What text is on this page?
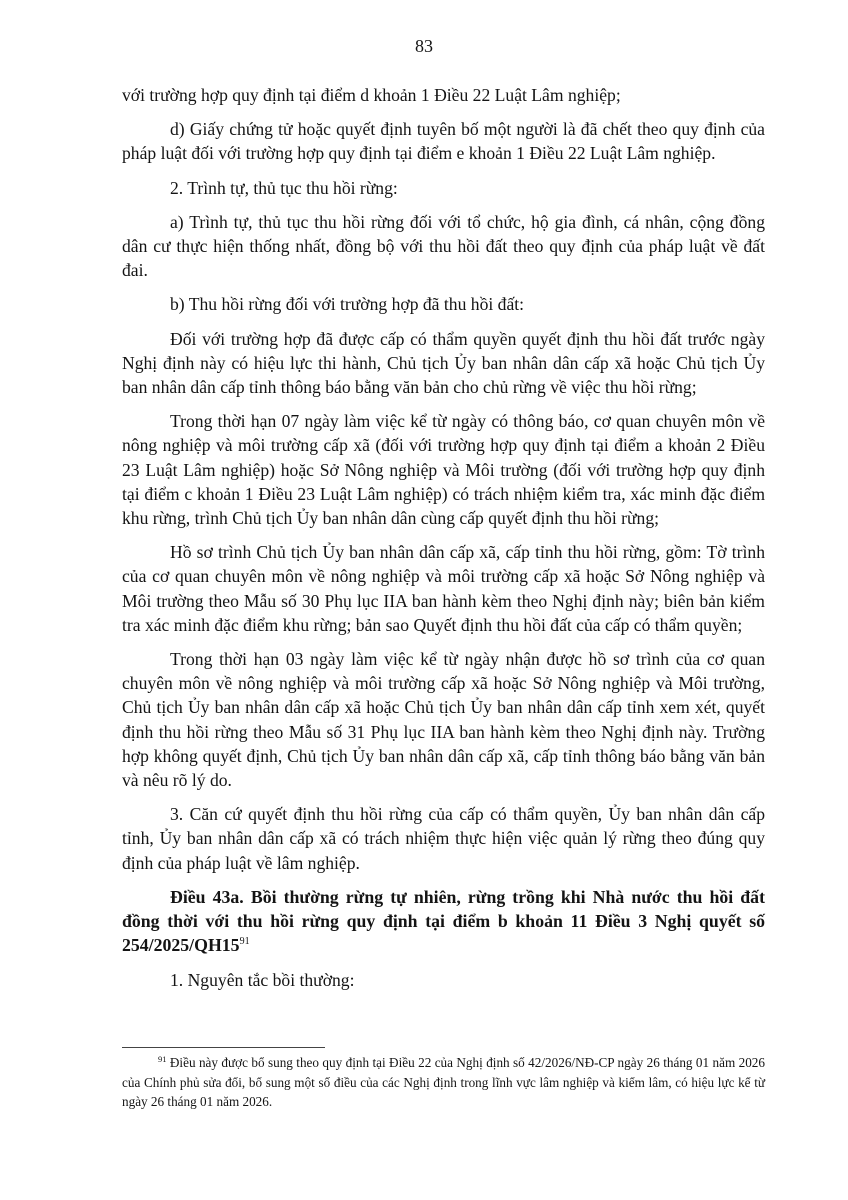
83

với trường hợp quy định tại điểm d khoản 1 Điều 22 Luật Lâm nghiệp;

d) Giấy chứng tử hoặc quyết định tuyên bố một người là đã chết theo quy định của pháp luật đối với trường hợp quy định tại điểm e khoản 1 Điều 22 Luật Lâm nghiệp.

2. Trình tự, thủ tục thu hồi rừng:

a) Trình tự, thủ tục thu hồi rừng đối với tổ chức, hộ gia đình, cá nhân, cộng đồng dân cư thực hiện thống nhất, đồng bộ với thu hồi đất theo quy định của pháp luật về đất đai.

b) Thu hồi rừng đối với trường hợp đã thu hồi đất:

Đối với trường hợp đã được cấp có thẩm quyền quyết định thu hồi đất trước ngày Nghị định này có hiệu lực thi hành, Chủ tịch Ủy ban nhân dân cấp xã hoặc Chủ tịch Ủy ban nhân dân cấp tỉnh thông báo bằng văn bản cho chủ rừng về việc thu hồi rừng;

Trong thời hạn 07 ngày làm việc kể từ ngày có thông báo, cơ quan chuyên môn về nông nghiệp và môi trường cấp xã (đối với trường hợp quy định tại điểm a khoản 2 Điều 23 Luật Lâm nghiệp) hoặc Sở Nông nghiệp và Môi trường (đối với trường hợp quy định tại điểm c khoản 1 Điều 23 Luật Lâm nghiệp) có trách nhiệm kiểm tra, xác minh đặc điểm khu rừng, trình Chủ tịch Ủy ban nhân dân cùng cấp quyết định thu hồi rừng;

Hồ sơ trình Chủ tịch Ủy ban nhân dân cấp xã, cấp tỉnh thu hồi rừng, gồm: Tờ trình của cơ quan chuyên môn về nông nghiệp và môi trường cấp xã hoặc Sở Nông nghiệp và Môi trường theo Mẫu số 30 Phụ lục IIA ban hành kèm theo Nghị định này; biên bản kiểm tra xác minh đặc điểm khu rừng; bản sao Quyết định thu hồi đất của cấp có thẩm quyền;

Trong thời hạn 03 ngày làm việc kể từ ngày nhận được hồ sơ trình của cơ quan chuyên môn về nông nghiệp và môi trường cấp xã hoặc Sở Nông nghiệp và Môi trường, Chủ tịch Ủy ban nhân dân cấp xã hoặc Chủ tịch Ủy ban nhân dân cấp tỉnh xem xét, quyết định thu hồi rừng theo Mẫu số 31 Phụ lục IIA ban hành kèm theo Nghị định này. Trường hợp không quyết định, Chủ tịch Ủy ban nhân dân cấp xã, cấp tỉnh thông báo bằng văn bản và nêu rõ lý do.

3. Căn cứ quyết định thu hồi rừng của cấp có thẩm quyền, Ủy ban nhân dân cấp tỉnh, Ủy ban nhân dân cấp xã có trách nhiệm thực hiện việc quản lý rừng theo đúng quy định của pháp luật về lâm nghiệp.

Điều 43a. Bồi thường rừng tự nhiên, rừng trồng khi Nhà nước thu hồi đất đồng thời với thu hồi rừng quy định tại điểm b khoản 11 Điều 3 Nghị quyết số 254/2025/QH15$^{91}$

1. Nguyên tắc bồi thường:

$^{91}$ Điều này được bổ sung theo quy định tại Điều 22 của Nghị định số 42/2026/NĐ-CP ngày 26 tháng 01 năm 2026 của Chính phủ sửa đổi, bổ sung một số điều của các Nghị định trong lĩnh vực lâm nghiệp và kiểm lâm, có hiệu lực kể từ ngày 26 tháng 01 năm 2026.
